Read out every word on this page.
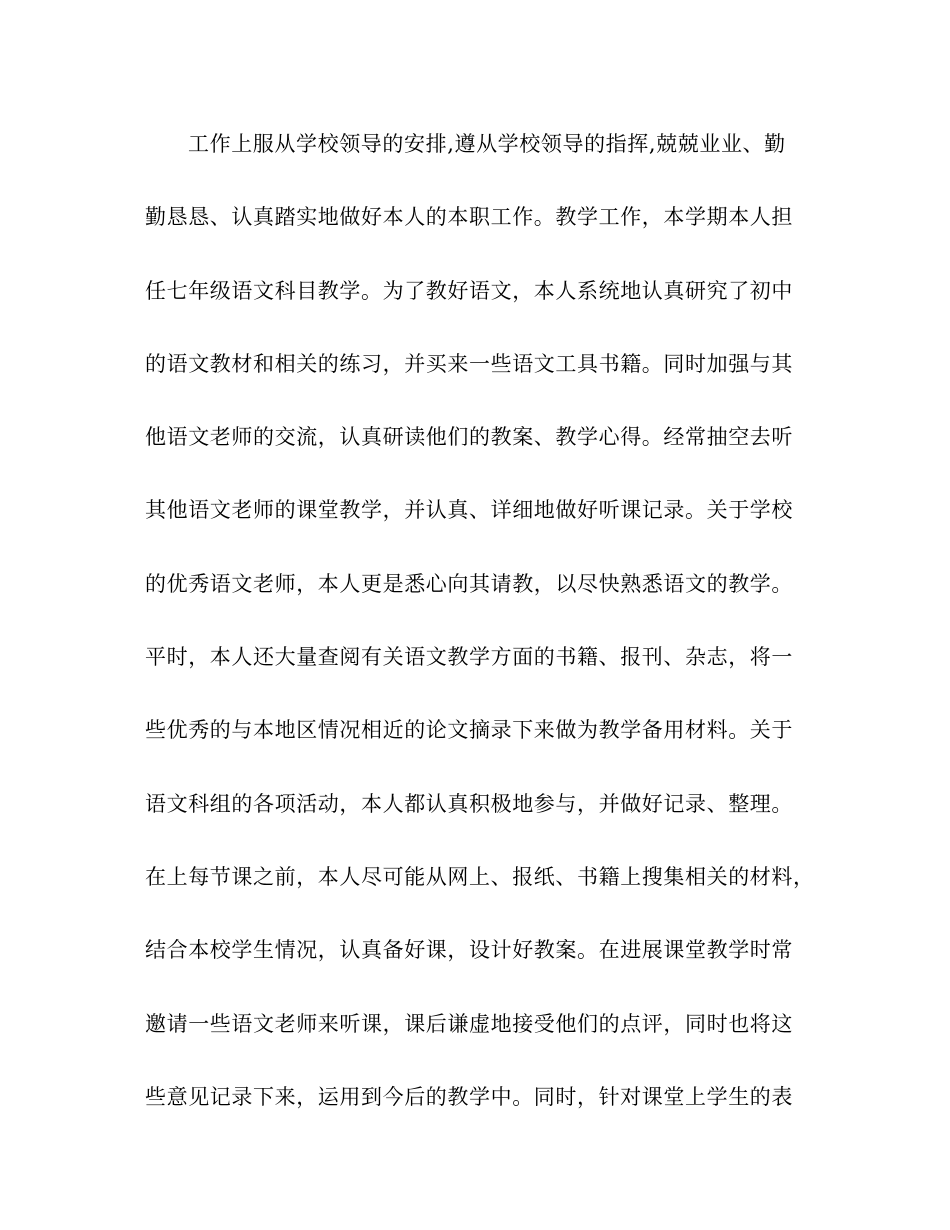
工作上服从学校领导的安排,遵从学校领导的指挥,兢兢业业、勤
勤恳恳、认真踏实地做好本人的本职工作。教学工作，本学期本人担
任七年级语文科目教学。为了教好语文，本人系统地认真研究了初中
的语文教材和相关的练习，并买来一些语文工具书籍。同时加强与其
他语文老师的交流，认真研读他们的教案、教学心得。经常抽空去听
其他语文老师的课堂教学，并认真、详细地做好听课记录。关于学校
的优秀语文老师，本人更是悉心向其请教，以尽快熟悉语文的教学。
平时，本人还大量查阅有关语文教学方面的书籍、报刊、杂志，将一
些优秀的与本地区情况相近的论文摘录下来做为教学备用材料。关于
语文科组的各项活动，本人都认真积极地参与，并做好记录、整理。
在上每节课之前，本人尽可能从网上、报纸、书籍上搜集相关的材料，
结合本校学生情况，认真备好课，设计好教案。在进展课堂教学时常
邀请一些语文老师来听课，课后谦虚地接受他们的点评，同时也将这
些意见记录下来，运用到今后的教学中。同时，针对课堂上学生的表
